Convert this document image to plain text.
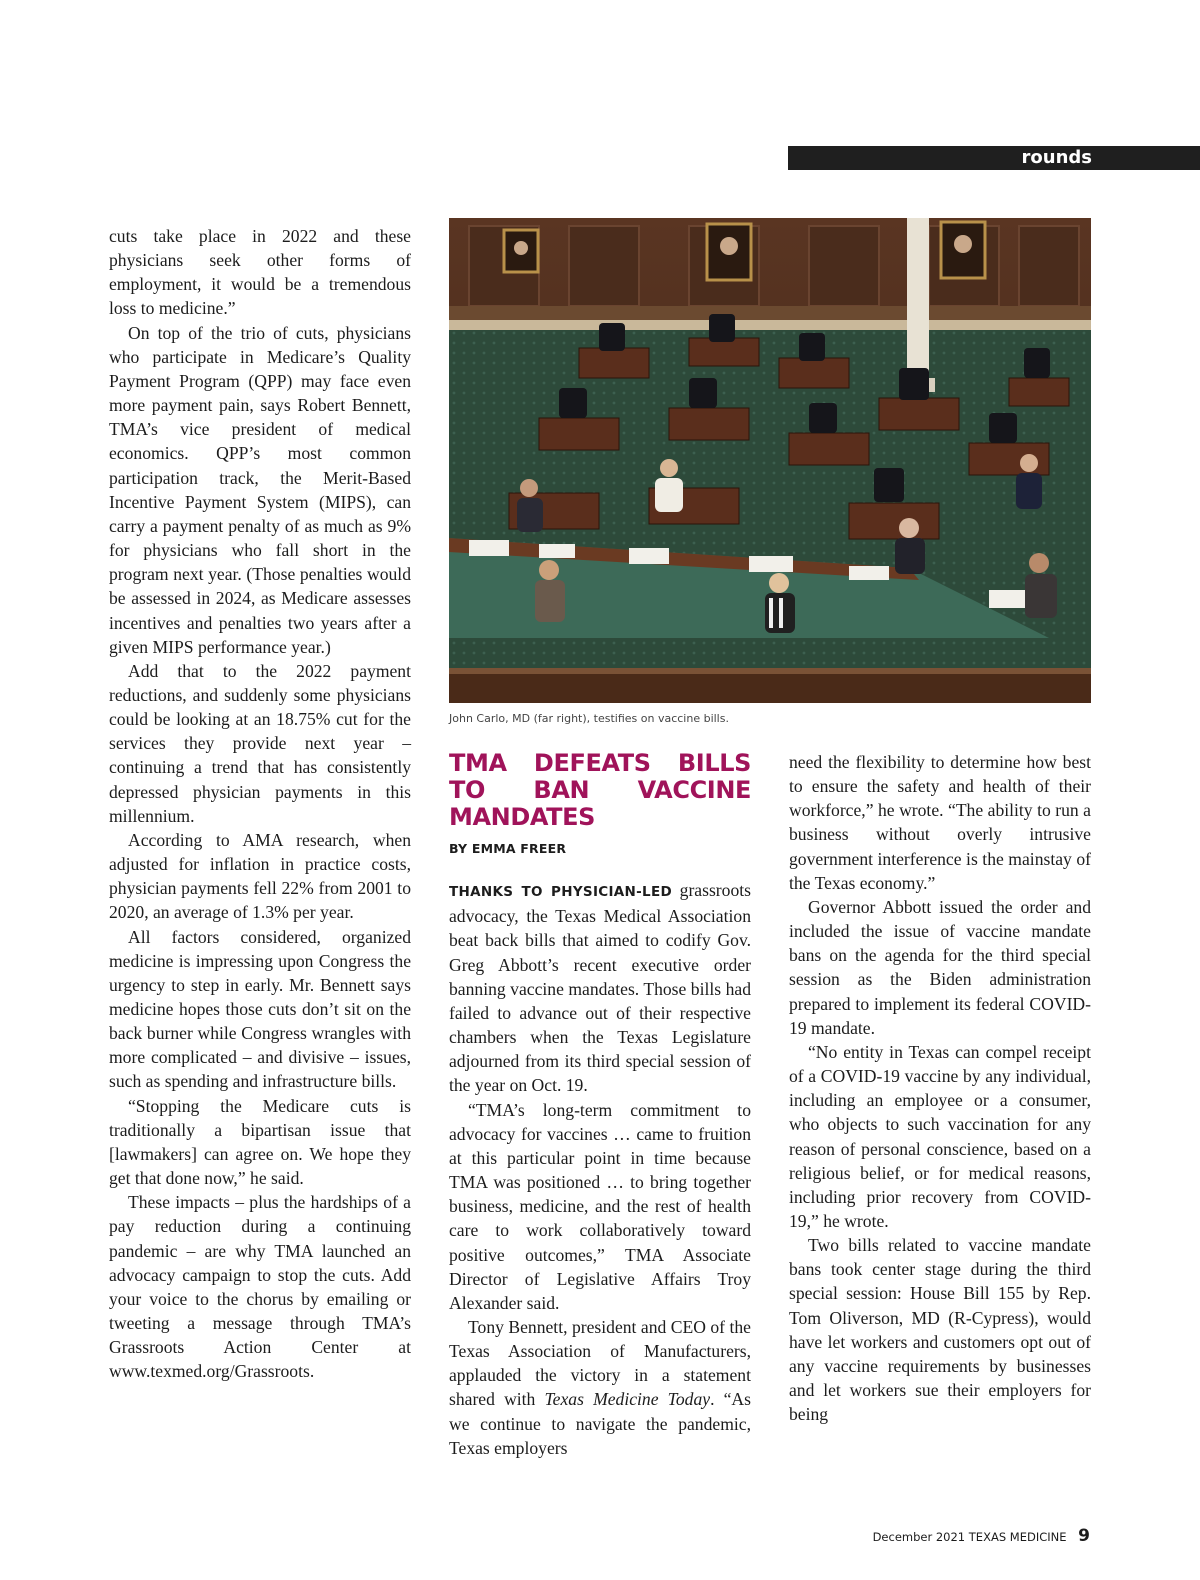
rounds

cuts take place in 2022 and these physicians seek other forms of employment, it would be a tremendous loss to medicine.”

On top of the trio of cuts, physicians who participate in Medicare’s Quality Payment Program (QPP) may face even more payment pain, says Robert Bennett, TMA’s vice president of medical economics. QPP’s most common participation track, the Merit-Based Incentive Payment System (MIPS), can carry a payment penalty of as much as 9% for physicians who fall short in the program next year. (Those penalties would be assessed in 2024, as Medicare assesses incentives and penalties two years after a given MIPS performance year.)

Add that to the 2022 payment reductions, and suddenly some physicians could be looking at an 18.75% cut for the services they provide next year – continuing a trend that has consistently depressed physician payments in this millennium.

According to AMA research, when adjusted for inflation in practice costs, physician payments fell 22% from 2001 to 2020, an average of 1.3% per year.

All factors considered, organized medicine is impressing upon Congress the urgency to step in early. Mr. Bennett says medicine hopes those cuts don’t sit on the back burner while Congress wrangles with more complicated – and divisive – issues, such as spending and infrastructure bills.

“Stopping the Medicare cuts is traditionally a bipartisan issue that [lawmakers] can agree on. We hope they get that done now,” he said.

These impacts – plus the hardships of a pay reduction during a continuing pandemic – are why TMA launched an advocacy campaign to stop the cuts. Add your voice to the chorus by emailing or tweeting a message through TMA’s Grassroots Action Center at www.texmed.org/Grassroots.

John Carlo, MD (far right), testifies on vaccine bills.
TMA DEFEATS BILLS TO BAN VACCINE MANDATES
BY EMMA FREER

THANKS TO PHYSICIAN-LED grassroots advocacy, the Texas Medical Association beat back bills that aimed to codify Gov. Greg Abbott’s recent executive order banning vaccine mandates. Those bills had failed to advance out of their respective chambers when the Texas Legislature adjourned from its third special session of the year on Oct. 19.

“TMA’s long-term commitment to advocacy for vaccines … came to fruition at this particular point in time because TMA was positioned … to bring together business, medicine, and the rest of health care to work collaboratively toward positive outcomes,” TMA Associate Director of Legislative Affairs Troy Alexander said.

Tony Bennett, president and CEO of the Texas Association of Manufacturers, applauded the victory in a statement shared with Texas Medicine Today. “As we continue to navigate the pandemic, Texas employers

need the flexibility to determine how best to ensure the safety and health of their workforce,” he wrote. “The ability to run a business without overly intrusive government interference is the mainstay of the Texas economy.”

Governor Abbott issued the order and included the issue of vaccine mandate bans on the agenda for the third special session as the Biden administration prepared to implement its federal COVID-19 mandate.

“No entity in Texas can compel receipt of a COVID-19 vaccine by any individual, including an employee or a consumer, who objects to such vaccination for any reason of personal conscience, based on a religious belief, or for medical reasons, including prior recovery from COVID-19,” he wrote.

Two bills related to vaccine mandate bans took center stage during the third special session: House Bill 155 by Rep. Tom Oliverson, MD (R-Cypress), would have let workers and customers opt out of any vaccine requirements by businesses and let workers sue their employers for being

December 2021 TEXAS MEDICINE 9
